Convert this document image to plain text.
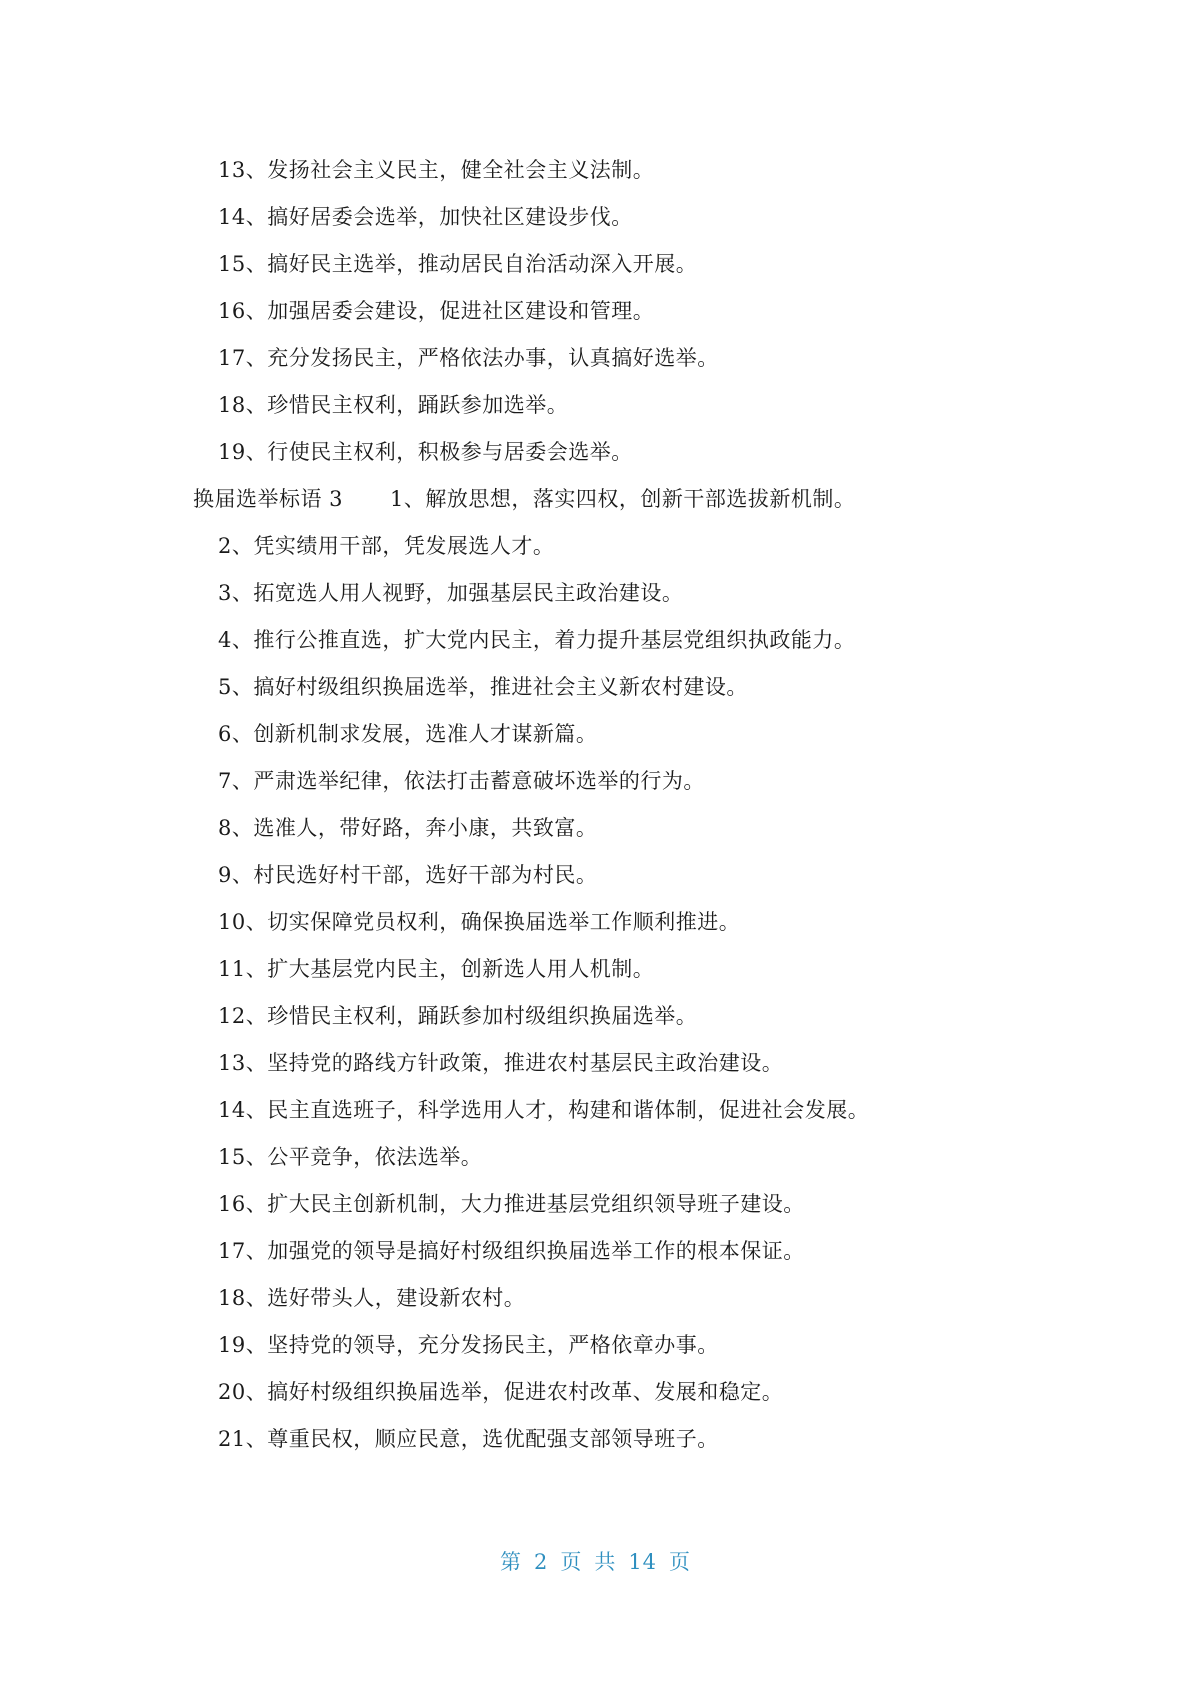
13、发扬社会主义民主，健全社会主义法制。
14、搞好居委会选举，加快社区建设步伐。
15、搞好民主选举，推动居民自治活动深入开展。
16、加强居委会建设，促进社区建设和管理。
17、充分发扬民主，严格依法办事，认真搞好选举。
18、珍惜民主权利，踊跃参加选举。
19、行使民主权利，积极参与居委会选举。
换届选举标语 3 1、解放思想，落实四权，创新干部选拔新机制。
2、凭实绩用干部，凭发展选人才。
3、拓宽选人用人视野，加强基层民主政治建设。
4、推行公推直选，扩大党内民主，着力提升基层党组织执政能力。
5、搞好村级组织换届选举，推进社会主义新农村建设。
6、创新机制求发展，选准人才谋新篇。
7、严肃选举纪律，依法打击蓄意破坏选举的行为。
8、选准人，带好路，奔小康，共致富。
9、村民选好村干部，选好干部为村民。
10、切实保障党员权利，确保换届选举工作顺利推进。
11、扩大基层党内民主，创新选人用人机制。
12、珍惜民主权利，踊跃参加村级组织换届选举。
13、坚持党的路线方针政策，推进农村基层民主政治建设。
14、民主直选班子，科学选用人才，构建和谐体制，促进社会发展。
15、公平竞争，依法选举。
16、扩大民主创新机制，大力推进基层党组织领导班子建设。
17、加强党的领导是搞好村级组织换届选举工作的根本保证。
18、选好带头人，建设新农村。
19、坚持党的领导，充分发扬民主，严格依章办事。
20、搞好村级组织换届选举，促进农村改革、发展和稳定。
21、尊重民权，顺应民意，选优配强支部领导班子。
第 2 页 共 14 页
